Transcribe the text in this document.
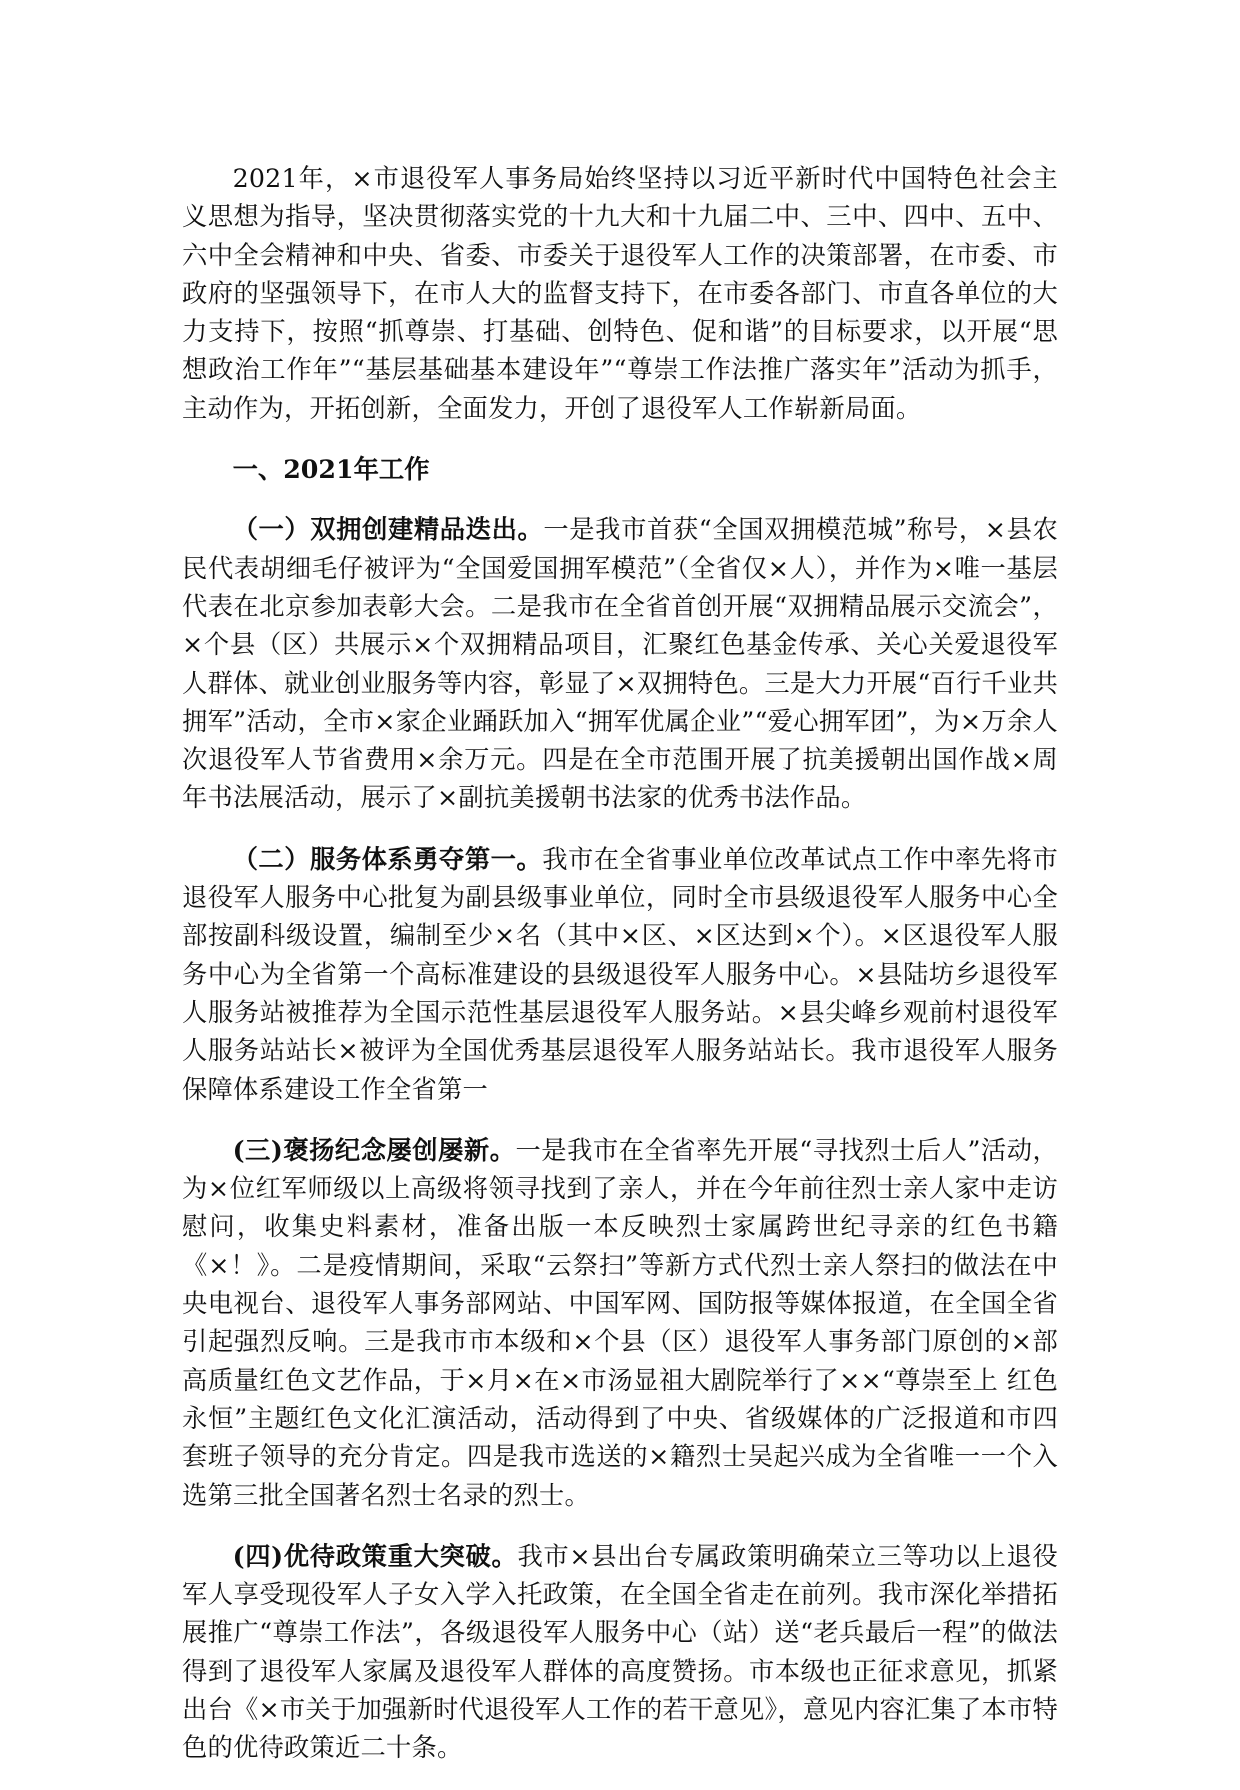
2021年，×市退役军人事务局始终坚持以习近平新时代中国特色社会主义思想为指导，坚决贯彻落实党的十九大和十九届二中、三中、四中、五中、六中全会精神和中央、省委、市委关于退役军人工作的决策部署，在市委、市政府的坚强领导下，在市人大的监督支持下，在市委各部门、市直各单位的大力支持下，按照“抓尊崇、打基础、创特色、促和谐”的目标要求，以开展“思想政治工作年”“基层基础基本建设年”“尊崇工作法推广落实年”活动为抓手，主动作为，开拓创新，全面发力，开创了退役军人工作崭新局面。

一、2021年工作

（一）双拥创建精品迭出。一是我市首获“全国双拥模范城”称号，×县农民代表胡细毛仔被评为“全国爱国拥军模范”（全省仅×人），并作为×唯一基层代表在北京参加表彰大会。二是我市在全省首创开展“双拥精品展示交流会”，×个县（区）共展示×个双拥精品项目，汇聚红色基金传承、关心关爱退役军人群体、就业创业服务等内容，彰显了×双拥特色。三是大力开展“百行千业共拥军”活动，全市×家企业踊跃加入“拥军优属企业”“爱心拥军团”，为×万余人次退役军人节省费用×余万元。四是在全市范围开展了抗美援朝出国作战×周年书法展活动，展示了×副抗美援朝书法家的优秀书法作品。

（二）服务体系勇夺第一。我市在全省事业单位改革试点工作中率先将市退役军人服务中心批复为副县级事业单位，同时全市县级退役军人服务中心全部按副科级设置，编制至少×名（其中×区、×区达到×个）。×区退役军人服务中心为全省第一个高标准建设的县级退役军人服务中心。×县陆坊乡退役军人服务站被推荐为全国示范性基层退役军人服务站。×县尖峰乡观前村退役军人服务站站长×被评为全国优秀基层退役军人服务站站长。我市退役军人服务保障体系建设工作全省第一

(三)褒扬纪念屡创屡新。一是我市在全省率先开展“寻找烈士后人”活动，为×位红军师级以上高级将领寻找到了亲人，并在今年前往烈士亲人家中走访慰问，收集史料素材，准备出版一本反映烈士家属跨世纪寻亲的红色书籍《×！》。二是疫情期间，采取“云祭扫”等新方式代烈士亲人祭扫的做法在中央电视台、退役军人事务部网站、中国军网、国防报等媒体报道，在全国全省引起强烈反响。三是我市市本级和×个县（区）退役军人事务部门原创的×部高质量红色文艺作品，于×月×在×市汤显祖大剧院举行了××“尊崇至上 红色永恒”主题红色文化汇演活动，活动得到了中央、省级媒体的广泛报道和市四套班子领导的充分肯定。四是我市选送的×籍烈士吴起兴成为全省唯一一个入选第三批全国著名烈士名录的烈士。

(四)优待政策重大突破。我市×县出台专属政策明确荣立三等功以上退役军人享受现役军人子女入学入托政策，在全国全省走在前列。我市深化举措拓展推广“尊崇工作法”，各级退役军人服务中心（站）送“老兵最后一程”的做法得到了退役军人家属及退役军人群体的高度赞扬。市本级也正征求意见，抓紧出台《×市关于加强新时代退役军人工作的若干意见》，意见内容汇集了本市特色的优待政策近二十条。
